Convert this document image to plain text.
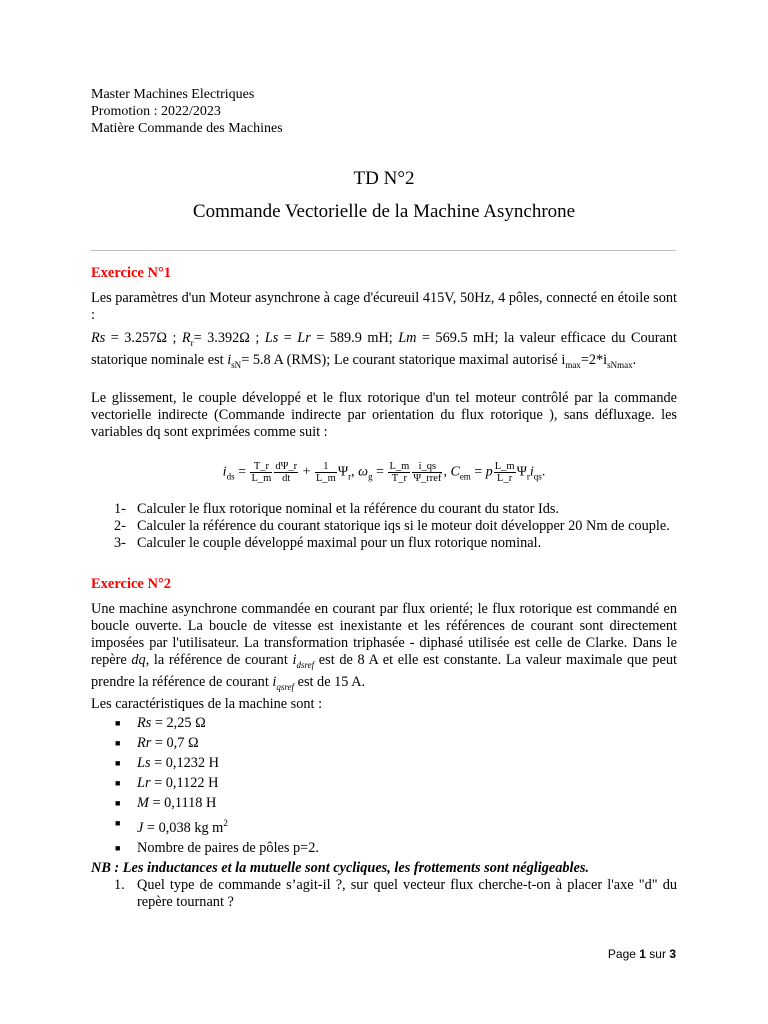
Master Machines Electriques
Promotion : 2022/2023
Matière Commande des Machines
TD N°2
Commande Vectorielle de la Machine Asynchrone
Exercice N°1

Les paramètres d'un Moteur asynchrone à cage d'écureuil 415V, 50Hz, 4 pôles, connecté en étoile sont :

Rs = 3.257Ω ; $R_r= 3.392\Omega$ ; Ls = Lr = 589.9 mH; Lm = 569.5 mH; la valeur efficace du Courant statorique nominale est $i_{sN}= 5.8$ A (RMS); Le courant statorique maximal autorisé $i_{max}=2*i_{sNmax}$.

Le glissement, le couple développé et le flux rotorique d'un tel moteur contrôlé par la commande vectorielle indirecte (Commande indirecte par orientation du flux rotorique ), sans défluxage. les variables dq sont exprimées comme suit :

$i_{ds} = \frac{T\_r}{L\_m} \frac{d\Psi\_r}{dt} + \frac{1}{L\_m} \Psi_r$, $\omega_g = \frac{L\_m}{T\_r} \frac{i\_qs}{\text{Ψ\_rref}}$ , $C_{em} = p \frac{L\_m}{L\_r} \Psi_ri_{qs}$.
1- Calculer le flux rotorique nominal et la référence du courant du stator Ids.
2- Calculer la référence du courant statorique iqs si le moteur doit développer 20 Nm de couple.
3- Calculer le couple développé maximal pour un flux rotorique nominal.
Exercice N°2

Une machine asynchrone commandée en courant par flux orienté; le flux rotorique est commandé en boucle ouverte. La boucle de vitesse est inexistante et les références de courant sont directement imposées par l'utilisateur. La transformation triphasée - diphasé utilisée est celle de Clarke. Dans le repère dq, la référence de courant $i_{dsref}$ est de 8 A et elle est constante. La valeur maximale que peut prendre la référence de courant $i_{qsref}$ est de 15 A.

Les caractéristiques de la machine sont :

■ Rs = 2,25 Ω
■ Rr = 0,7 Ω
■ Ls = 0,1232 H
■ Lr = 0,1122 H
■ M = 0,1118 H
■ J = 0,038 kg $m^2$
■ Nombre de paires de pôles p=2.

NB : Les inductances et la mutuelle sont cycliques, les frottements sont négligeables.

1. Quel type de commande s’agit-il ?, sur quel vecteur flux cherche-t-on à placer l'axe "d" du repère tournant ?
Page 1 sur 3
